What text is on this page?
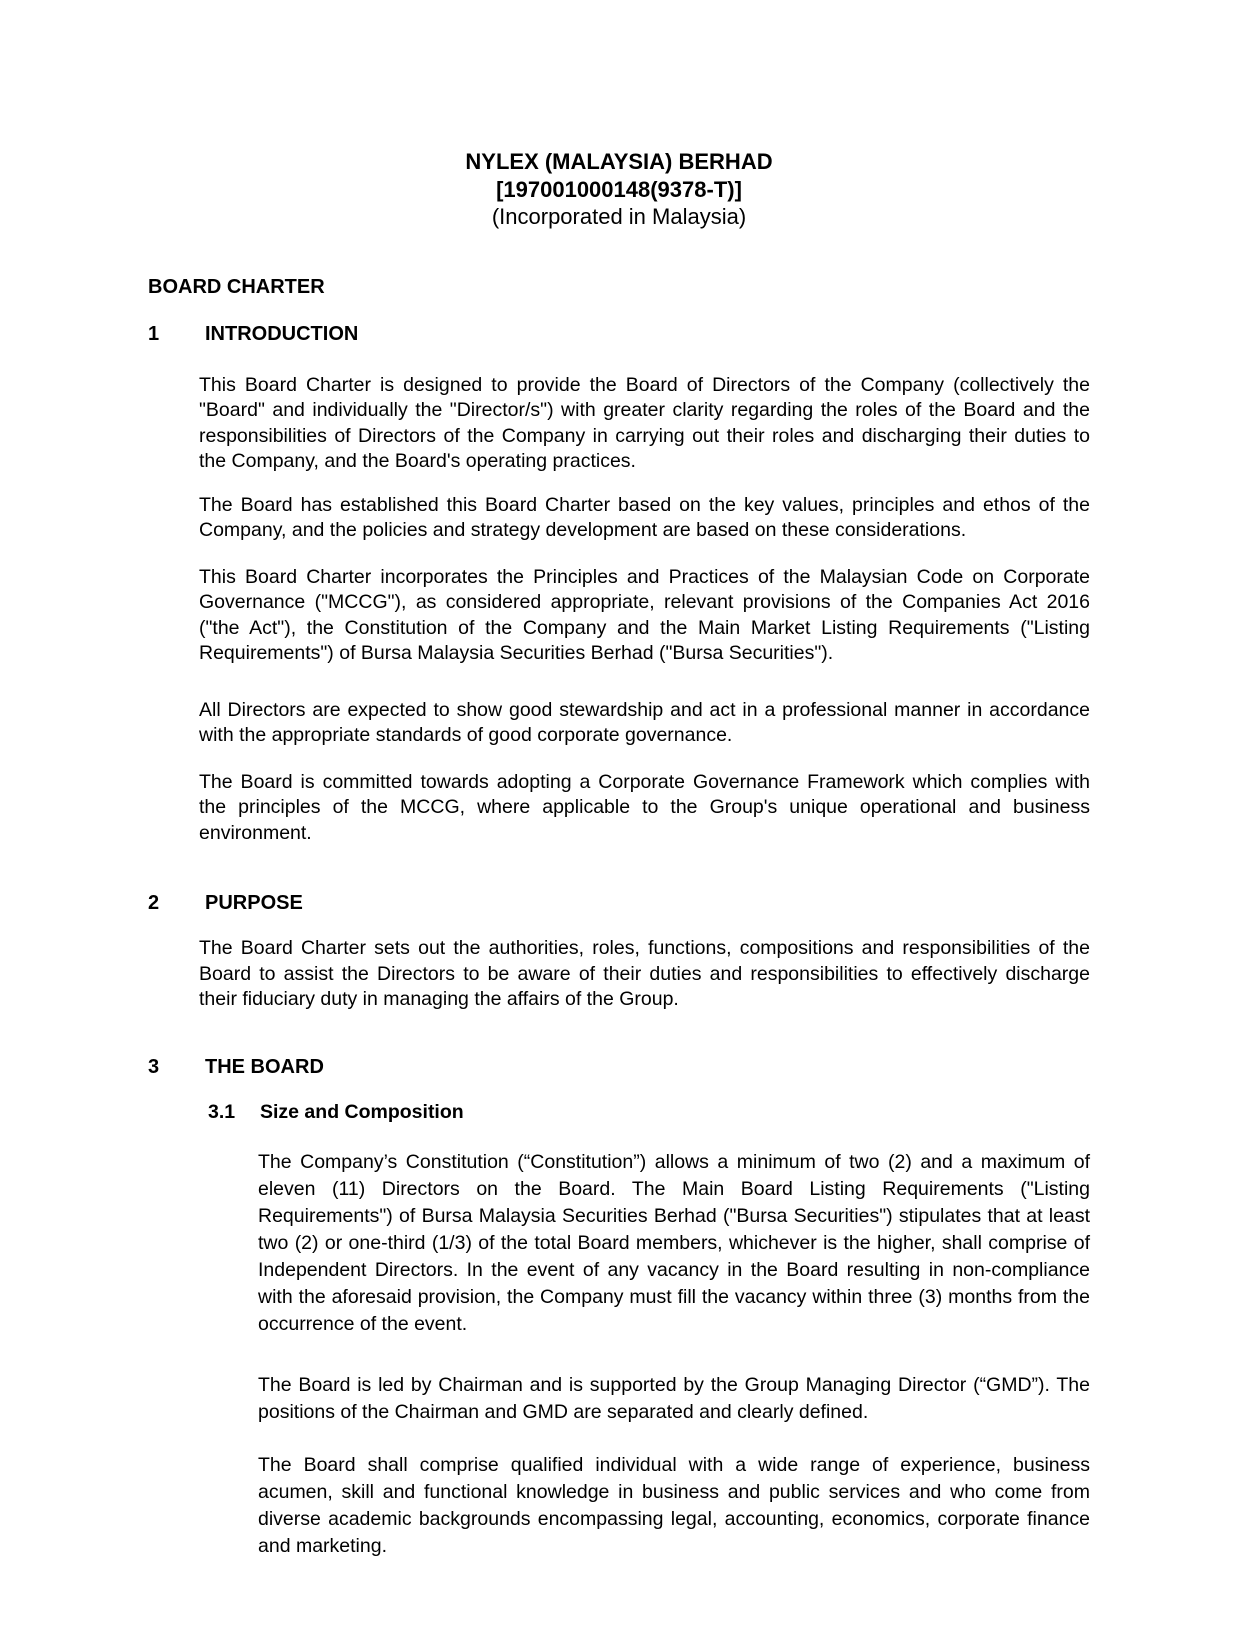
NYLEX (MALAYSIA) BERHAD
[197001000148(9378-T)]
(Incorporated in Malaysia)
BOARD CHARTER
1	INTRODUCTION

This Board Charter is designed to provide the Board of Directors of the Company (collectively the "Board" and individually the "Director/s") with greater clarity regarding the roles of the Board and the responsibilities of Directors of the Company in carrying out their roles and discharging their duties to the Company, and the Board's operating practices.

The Board has established this Board Charter based on the key values, principles and ethos of the Company, and the policies and strategy development are based on these considerations.

This Board Charter incorporates the Principles and Practices of the Malaysian Code on Corporate Governance ("MCCG"), as considered appropriate, relevant provisions of the Companies Act 2016 ("the Act"), the Constitution of the Company and the Main Market Listing Requirements ("Listing Requirements") of Bursa Malaysia Securities Berhad ("Bursa Securities").

All Directors are expected to show good stewardship and act in a professional manner in accordance with the appropriate standards of good corporate governance.

The Board is committed towards adopting a Corporate Governance Framework which complies with the principles of the MCCG, where applicable to the Group's unique operational and business environment.

2	PURPOSE

The Board Charter sets out the authorities, roles, functions, compositions and responsibilities of the Board to assist the Directors to be aware of their duties and responsibilities to effectively discharge their fiduciary duty in managing the affairs of the Group.

3	THE BOARD
3.1	Size and Composition

The Company’s Constitution (“Constitution”) allows a minimum of two (2) and a maximum of eleven (11) Directors on the Board. The Main Board Listing Requirements ("Listing Requirements") of Bursa Malaysia Securities Berhad ("Bursa Securities") stipulates that at least two (2) or one-third (1/3) of the total Board members, whichever is the higher, shall comprise of Independent Directors. In the event of any vacancy in the Board resulting in non-compliance with the aforesaid provision, the Company must fill the vacancy within three (3) months from the occurrence of the event.

The Board is led by Chairman and is supported by the Group Managing Director (“GMD”). The positions of the Chairman and GMD are separated and clearly defined.

The Board shall comprise qualified individual with a wide range of experience, business acumen, skill and functional knowledge in business and public services and who come from diverse academic backgrounds encompassing legal, accounting, economics, corporate finance and marketing.
